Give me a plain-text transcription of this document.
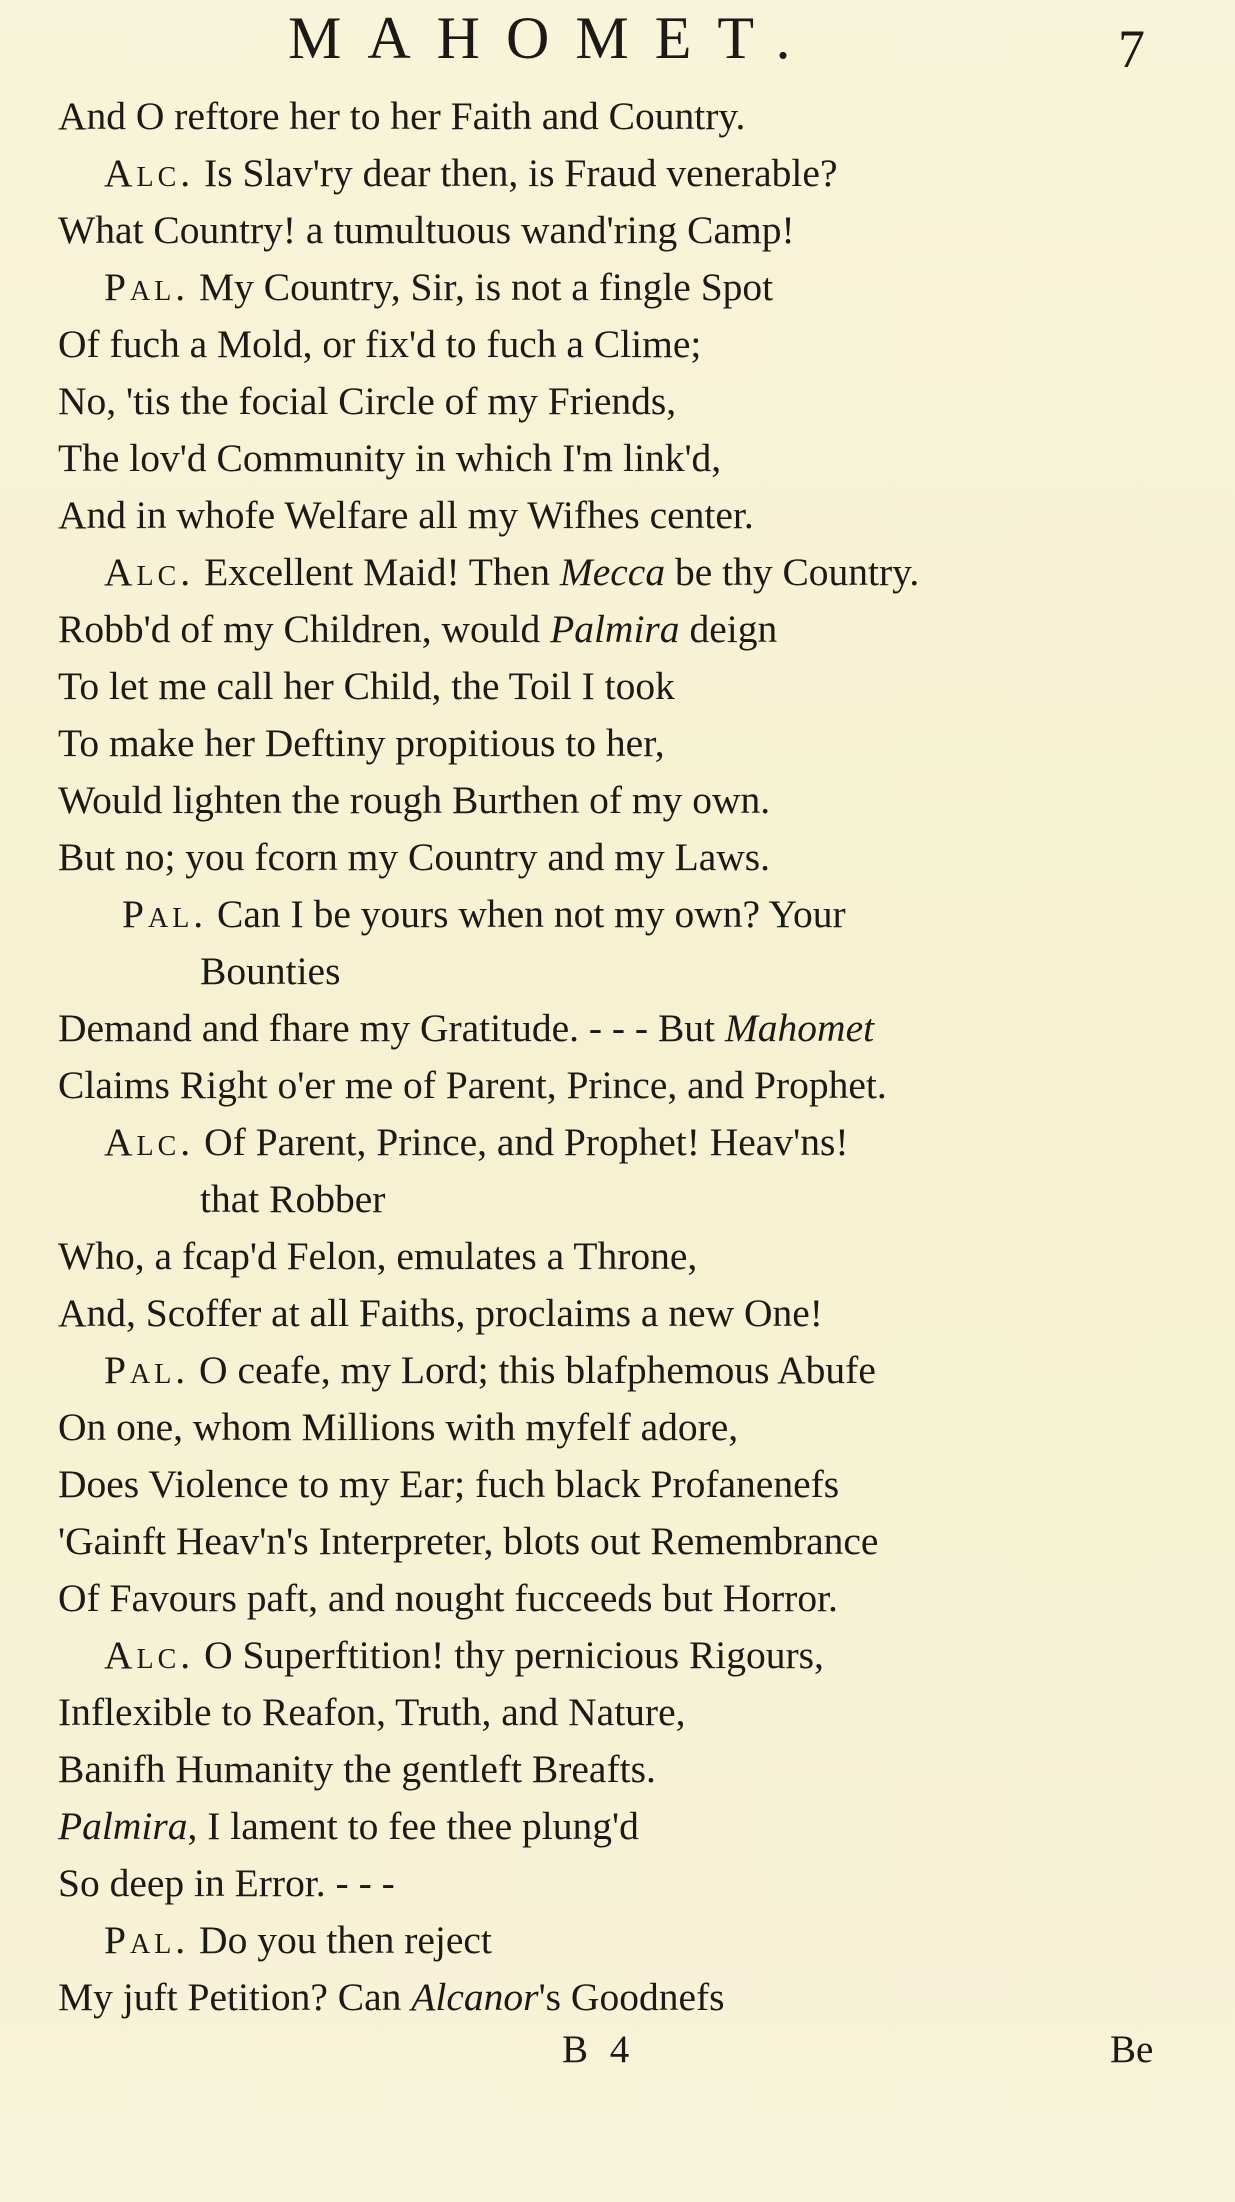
MAHOMET.	7
And O reftore her to her Faith and Country.
Alc. Is Slav'ry dear then, is Fraud venerable?
What Country! a tumultuous wand'ring Camp!
Pal. My Country, Sir, is not a fingle Spot
Of fuch a Mold, or fix'd to fuch a Clime;
No, 'tis the focial Circle of my Friends,
The lov'd Community in which I'm link'd,
And in whofe Welfare all my Wifhes center.
Alc. Excellent Maid! Then Mecca be thy Country.
Robb'd of my Children, would Palmira deign
To let me call her Child, the Toil I took
To make her Deftiny propitious to her,
Would lighten the rough Burthen of my own.
But no; you fcorn my Country and my Laws.
Pal. Can I be yours when not my own? Your
Bounties
Demand and fhare my Gratitude. - - - But Mahomet
Claims Right o'er me of Parent, Prince, and Prophet.
Alc. Of Parent, Prince, and Prophet! Heav'ns!
that Robber
Who, a fcap'd Felon, emulates a Throne,
And, Scoffer at all Faiths, proclaims a new One!
Pal. O ceafe, my Lord; this blafphemous Abufe
On one, whom Millions with myfelf adore,
Does Violence to my Ear; fuch black Profanenefs
'Gainft Heav'n's Interpreter, blots out Remembrance
Of Favours paft, and nought fucceeds but Horror.
Alc. O Superftition! thy pernicious Rigours,
Inflexible to Reafon, Truth, and Nature,
Banifh Humanity the gentleft Breafts.
Palmira, I lament to fee thee plung'd
So deep in Error. - - -
Pal. Do you then reject
My juft Petition? Can Alcanor's Goodnefs
B 4	Be
